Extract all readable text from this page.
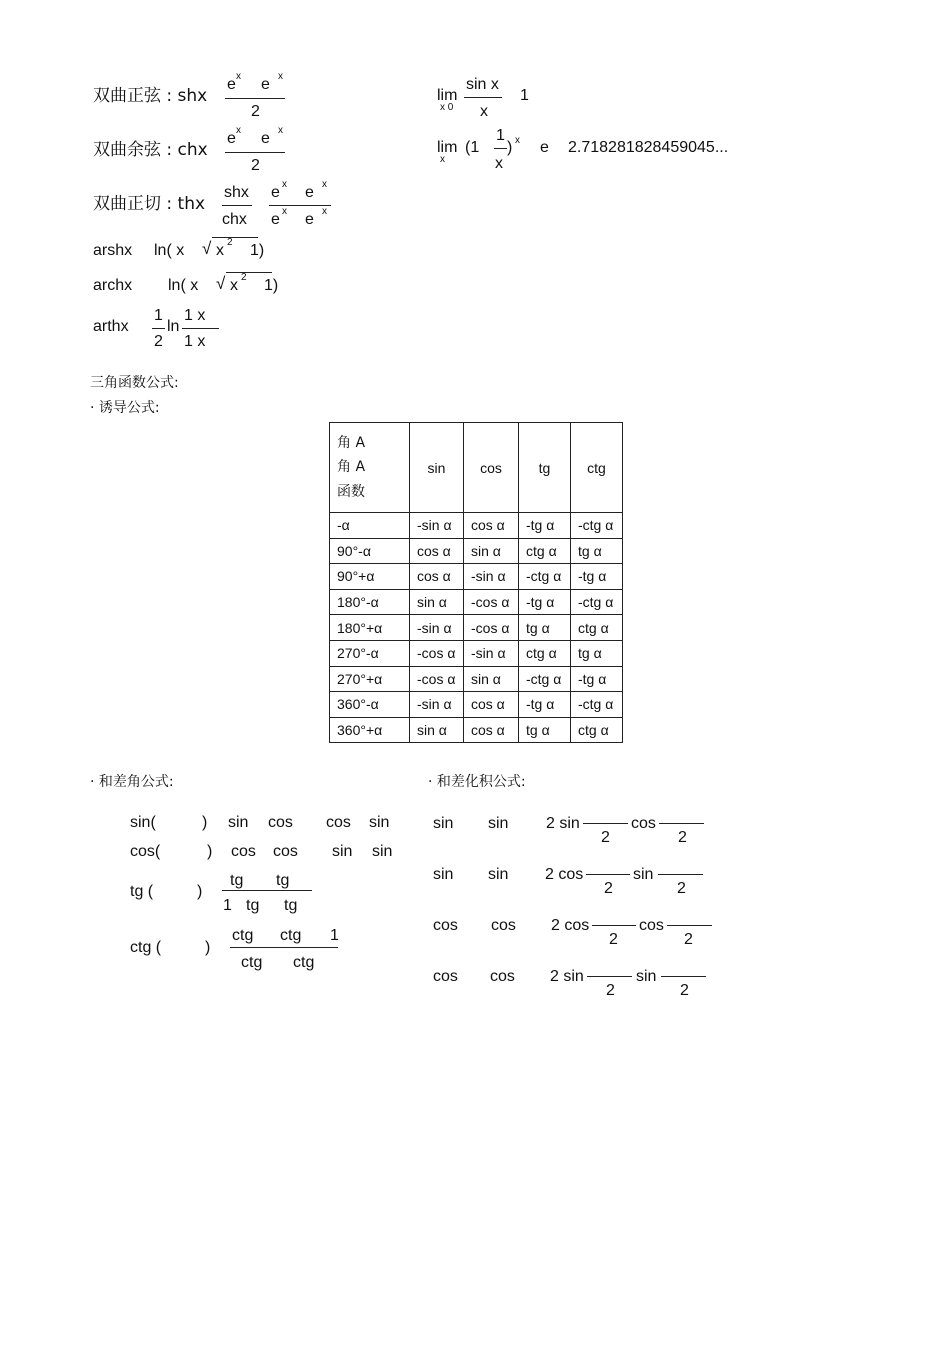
双曲正弦 : shx
e x e x
2
双曲余弦 : chx
e x e x
2
双曲正切 : thx
shx
chx
e x e x
e x e x
arshx ln( x √ x 2 1)
archx ln( x √ x 2 1)
arthx
1
2
ln
1 x
1 x
lim
x 0
sin x
x
1
lim
x
(1
1
x
) x e 2.718281828459045...
三角函数公式:
· 诱导公式:
角 A
角 A
函数	sin	cos	tg	ctg
-α	-sin α	cos α	-tg α	-ctg α
90°-α	cos α	sin α	ctg α	tg α
90°+α	cos α	-sin α	-ctg α	-tg α
180°-α	sin α	-cos α	-tg α	-ctg α
180°+α	-sin α	-cos α	tg α	ctg α
270°-α	-cos α	-sin α	ctg α	tg α
270°+α	-cos α	sin α	-ctg α	-tg α
360°-α	-sin α	cos α	-tg α	-ctg α
360°+α	sin α	cos α	tg α	ctg α
· 和差角公式:
sin(	) sin cos cos sin
cos(	) cos cos sin sin
tg (	)
tg tg
1 tg tg
ctg (	)
ctg ctg 1
ctg ctg
· 和差化积公式:
sin sin 2 sin
2
cos
2
sin sin 2 cos
2
sin
2
cos cos 2 cos
2
cos
2
cos cos 2 sin
2
sin
2
